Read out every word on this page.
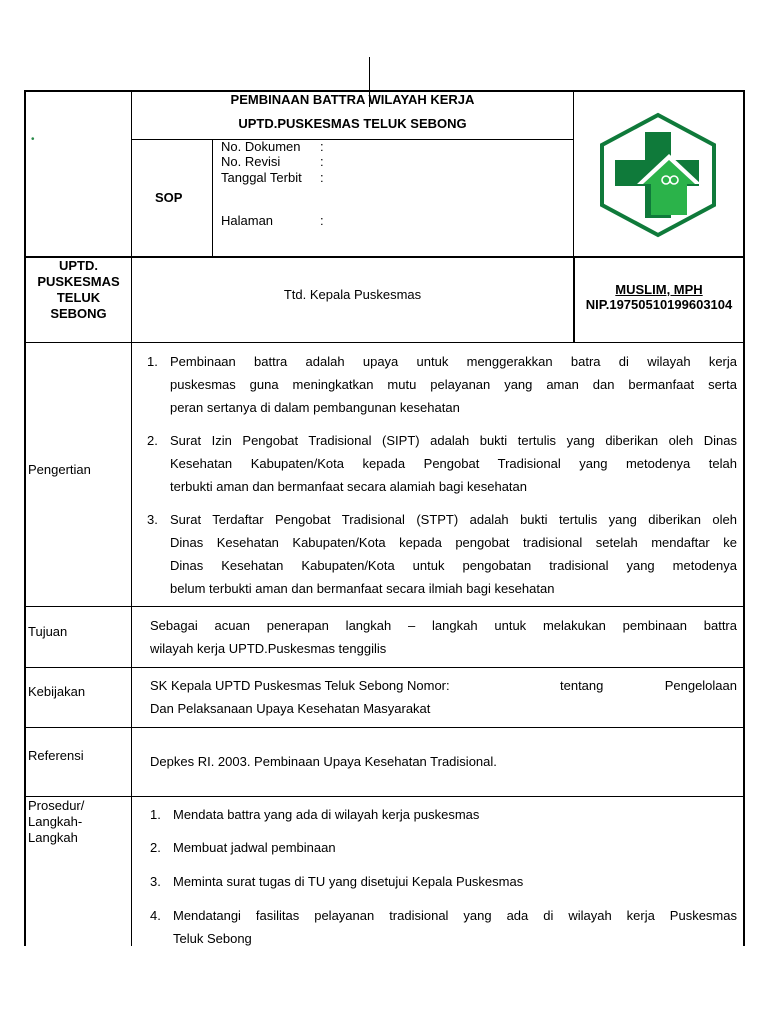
•
PEMBINAAN BATTRA WILAYAH KERJA
UPTD.PUSKESMAS TELUK SEBONG
SOP
No. Dokumen :
No. Revisi	:
Tanggal Terbit :
Halaman	:
UPTD.
PUSKESMAS
TELUK
SEBONG
Ttd. Kepala Puskesmas	MUSLIM, MPH
NIP.19750510199603104
Pengertian
1. Pembinaan battra adalah upaya untuk menggerakkan batra di wilayah kerja
puskesmas guna meningkatkan mutu pelayanan yang aman dan bermanfaat serta
peran sertanya di dalam pembangunan kesehatan
2. Surat Izin Pengobat Tradisional (SIPT) adalah bukti tertulis yang diberikan oleh Dinas
Kesehatan Kabupaten/Kota kepada Pengobat Tradisional yang metodenya telah
terbukti aman dan bermanfaat secara alamiah bagi kesehatan
3. Surat Terdaftar Pengobat Tradisional (STPT) adalah bukti tertulis yang diberikan oleh
Dinas Kesehatan Kabupaten/Kota kepada pengobat tradisional setelah mendaftar ke
Dinas Kesehatan Kabupaten/Kota untuk pengobatan tradisional yang metodenya
belum terbukti aman dan bermanfaat secara ilmiah bagi kesehatan
Tujuan	Sebagai acuan penerapan langkah – langkah untuk melakukan pembinaan battra
wilayah kerja UPTD.Puskesmas tenggilis
Kebijakan	SK Kepala UPTD Puskesmas Teluk Sebong Nomor:	tentang Pengelolaan
Dan Pelaksanaan Upaya Kesehatan Masyarakat
Referensi	Depkes RI. 2003. Pembinaan Upaya Kesehatan Tradisional.
Prosedur/
Langkah-
Langkah
1. Mendata battra yang ada di wilayah kerja puskesmas
2. Membuat jadwal pembinaan
3. Meminta surat tugas di TU yang disetujui Kepala Puskesmas
4. Mendatangi fasilitas pelayanan tradisional yang ada di wilayah kerja Puskesmas
Teluk Sebong
